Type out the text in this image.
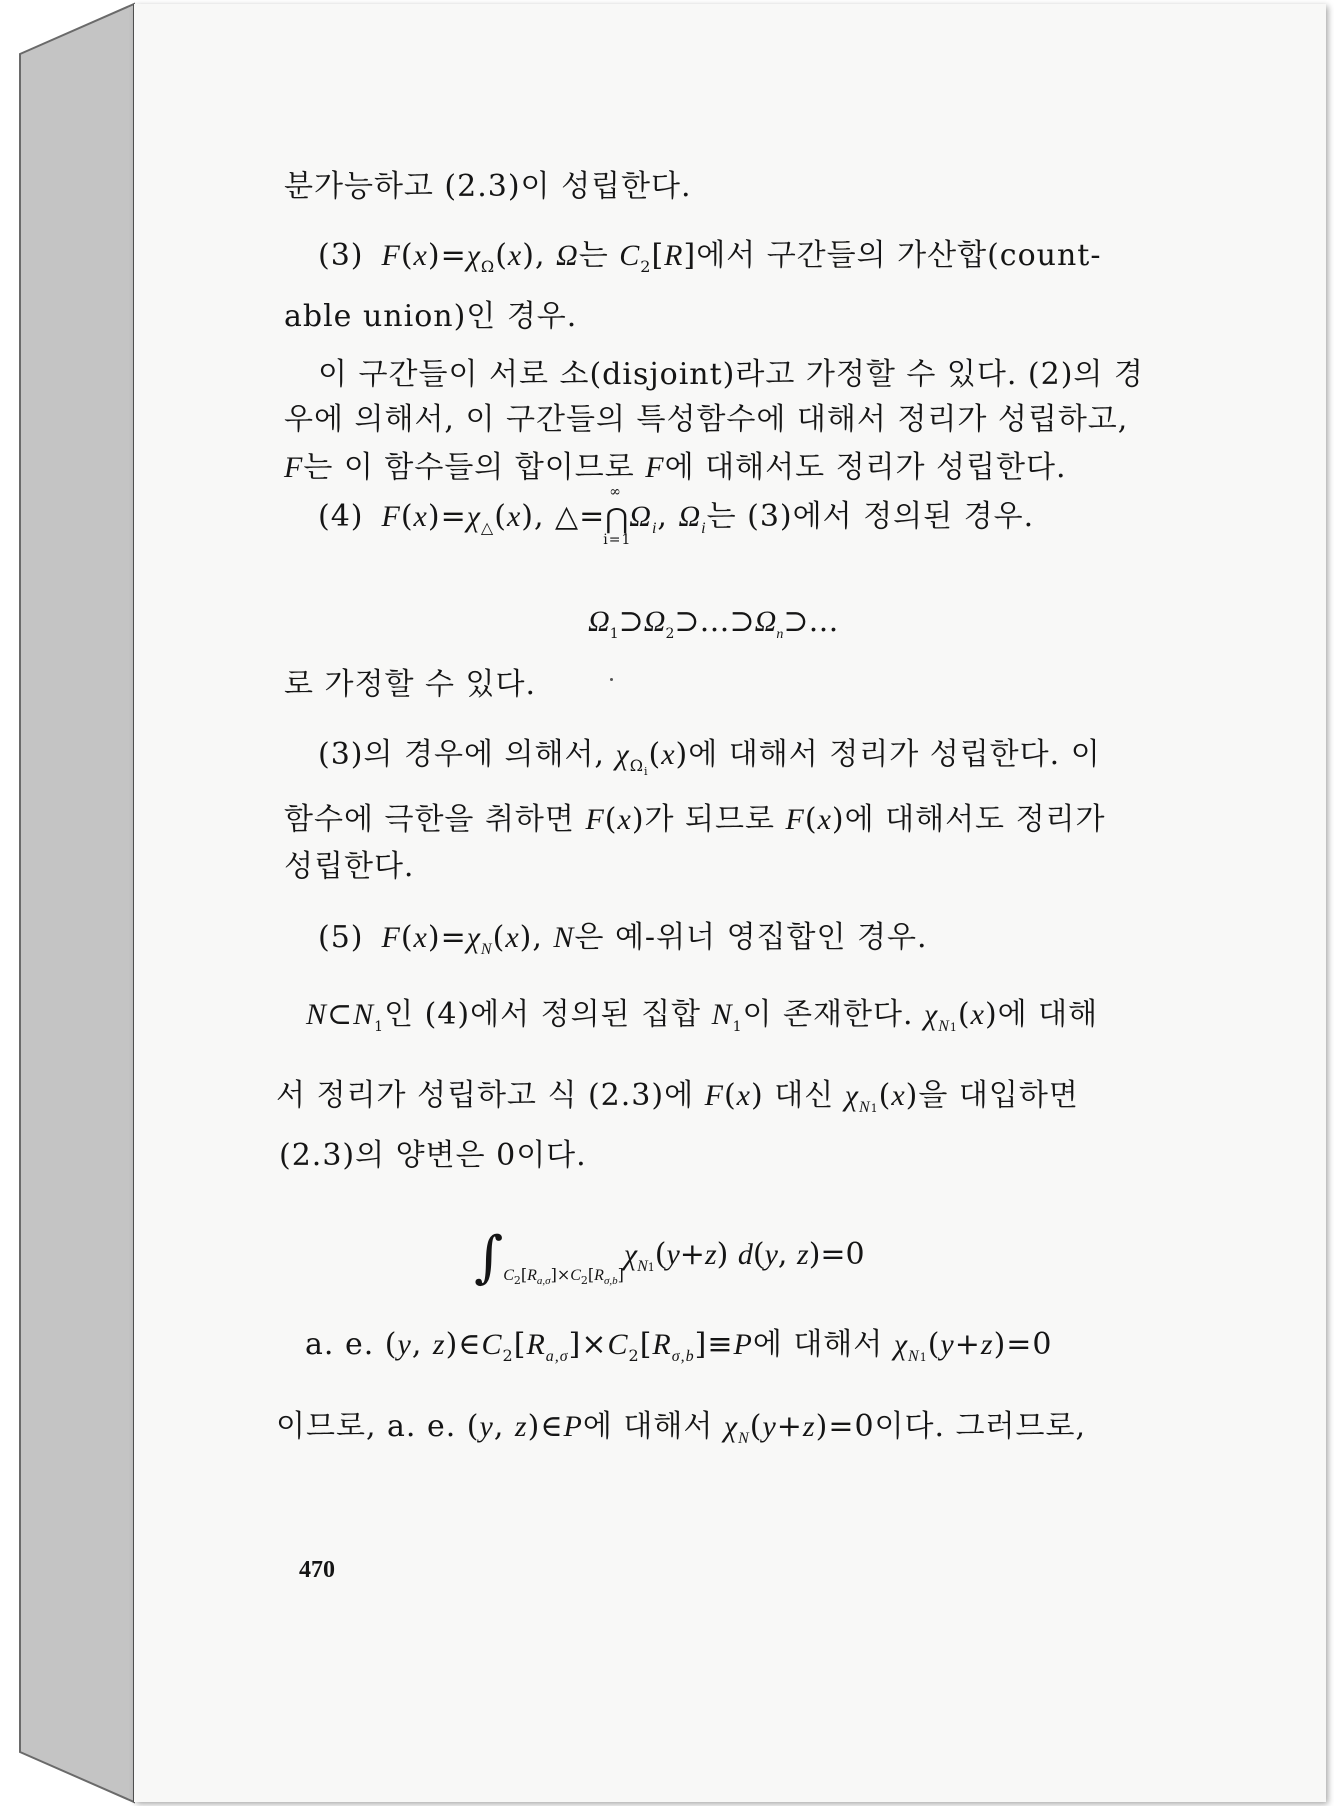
분가능하고 (2.3)이 성립한다.
(3) $F(x)=\chi_\Omega(x)$, Ω는 $C_2[R]$에서 구간들의 가산합(count-
able union)인 경우.
이 구간들이 서로 소(disjoint)라고 가정할 수 있다. (2)의 경
우에 의해서, 이 구간들의 특성함수에 대해서 정리가 성립하고,
F는 이 함수들의 합이므로 F에 대해서도 정리가 성립한다.
(4) $F(x)=\chi_\triangle(x)$, △=⋂
∞
i=1
$\Omega_i$, $\Omega_i$는 (3)에서 정의된 경우.
$\Omega_1⊃\Omega_2⊃\dots⊃\Omega_n⊃\dots$
로 가정할 수 있다.
(3)의 경우에 의해서, $\chi_{\Omega_i}(x)$에 대해서 정리가 성립한다. 이
함수에 극한을 취하면 F(x)가 되므로 F(x)에 대해서도 정리가
성립한다.
(5) $F(x)=\chi_N(x)$, N은 예-위너 영집합인 경우.
$N\subset N_1$인 (4)에서 정의된 집합 $N_1$이 존재한다. $\chi_{N1}(x)$에 대해
서 정리가 성립하고 식 (2.3)에 F(x) 대신 $\chi_{N1}(x)$을 대입하면
(2.3)의 양변은 0이다.
$\int_{C_2[R_{a,\sigma}]\times C_2[R_{\sigma,b}]}\chi_{N1}(y+z)$ d(y, z)=0
a. e. (y, $z)\in C_2[R_{a,\sigma}]\times C_2[R_{\sigma,b}]\equiv P$에 대해서 $\chi_{N1}(y+z)=0$
이므로, a. e. (y, z)∈P에 대해서 $\chi_N(y+z)=0$이다. 그러므로,
470
